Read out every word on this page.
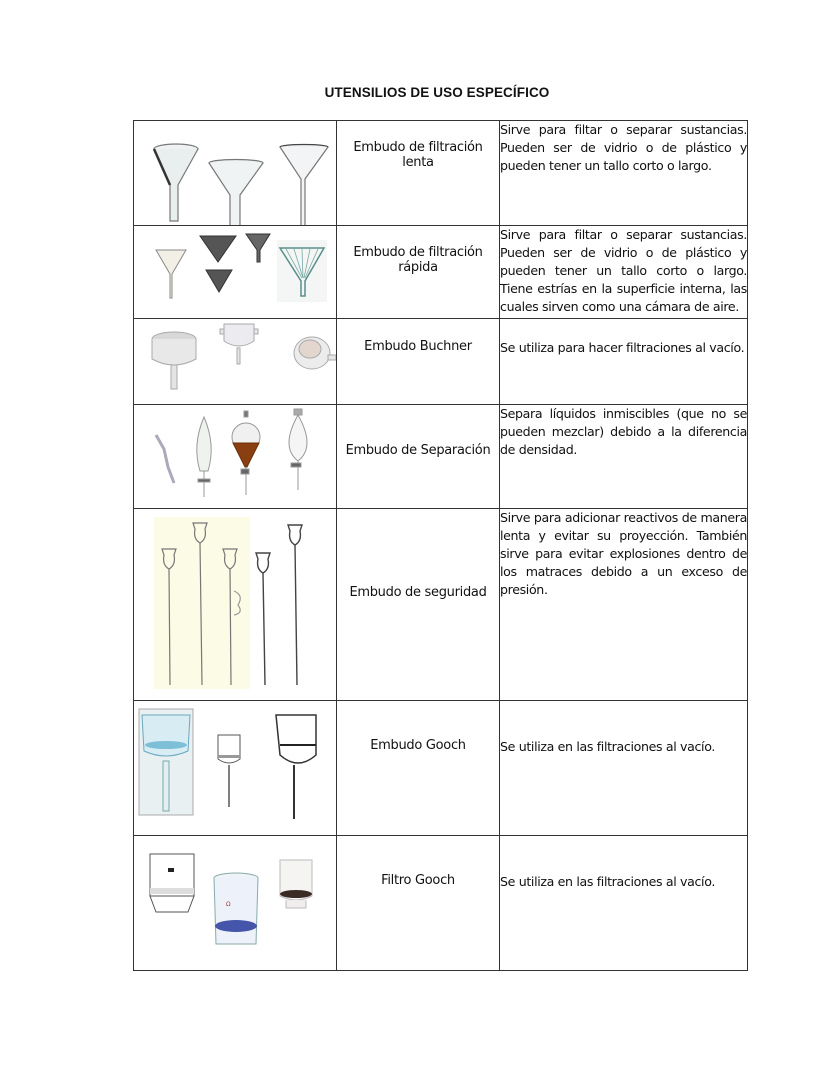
UTENSILIOS DE USO ESPECÍFICO

Embudo de filtración lenta	Sirve para filtar o separar sustancias. Pueden ser de vidrio o de plástico y pueden tener un tallo corto o largo.

Embudo de filtración rápida	Sirve para filtar o separar sustancias. Pueden ser de vidrio o de plástico y pueden tener un tallo corto o largo. Tiene estrías en la superficie interna, las cuales sirven como una cámara de aire.

Embudo Buchner	Se utiliza para hacer filtraciones al vacío.

Embudo de Separación	Separa líquidos inmiscibles (que no se pueden mezclar) debido a la diferencia de densidad.

Embudo de seguridad	Sirve para adicionar reactivos de manera lenta y evitar su proyección. También sirve para evitar explosiones dentro de los matraces debido a un exceso de presión.

Embudo Gooch	Se utiliza en las filtraciones al vacío.

Ω	Filtro Gooch	Se utiliza en las filtraciones al vacío.
